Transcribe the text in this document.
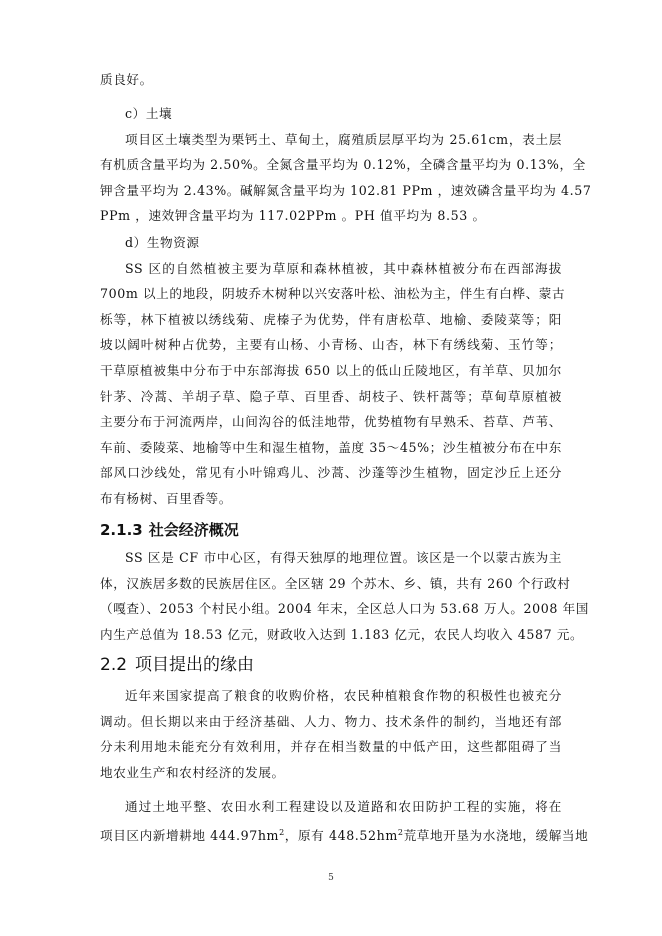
质良好。

c）土壤

项目区土壤类型为栗钙土、草甸土，腐殖质层厚平均为 25.61cm，表土层
有机质含量平均为 2.50%。全氮含量平均为 0.12%，全磷含量平均为 0.13%，全
钾含量平均为 2.43%。碱解氮含量平均为 102.81 PPm ，速效磷含量平均为 4.57
PPm ，速效钾含量平均为 117.02PPm 。PH 值平均为 8.53 。

d）生物资源

SS 区的自然植被主要为草原和森林植被，其中森林植被分布在西部海拔
700m 以上的地段，阴坡乔木树种以兴安落叶松、油松为主，伴生有白桦、蒙古
栎等，林下植被以绣线菊、虎榛子为优势，伴有唐松草、地榆、委陵菜等；阳
坡以阔叶树种占优势，主要有山杨、小青杨、山杏，林下有绣线菊、玉竹等；
干草原植被集中分布于中东部海拔 650 以上的低山丘陵地区，有羊草、贝加尔
针茅、冷蒿、羊胡子草、隐子草、百里香、胡枝子、铁杆蒿等；草甸草原植被
主要分布于河流两岸，山间沟谷的低洼地带，优势植物有早熟禾、苔草、芦苇、
车前、委陵菜、地榆等中生和湿生植物，盖度 35～45%；沙生植被分布在中东
部风口沙线处，常见有小叶锦鸡儿、沙蒿、沙蓬等沙生植物，固定沙丘上还分
布有杨树、百里香等。

2.1.3 社会经济概况

SS 区是 CF 市中心区，有得天独厚的地理位置。该区是一个以蒙古族为主
体，汉族居多数的民族居住区。全区辖 29 个苏木、乡、镇，共有 260 个行政村
（嘎查）、2053 个村民小组。2004 年末，全区总人口为 53.68 万人。2008 年国
内生产总值为 18.53 亿元，财政收入达到 1.183 亿元，农民人均收入 4587 元。

2.2 项目提出的缘由

近年来国家提高了粮食的收购价格，农民种植粮食作物的积极性也被充分
调动。但长期以来由于经济基础、人力、物力、技术条件的制约，当地还有部
分未利用地未能充分有效利用，并存在相当数量的中低产田，这些都阻碍了当
地农业生产和农村经济的发展。

通过土地平整、农田水利工程建设以及道路和农田防护工程的实施，将在
项目区内新增耕地 $444.97hm^2$，原有 $448.52hm^2$荒草地开垦为水浇地，缓解当地

5
